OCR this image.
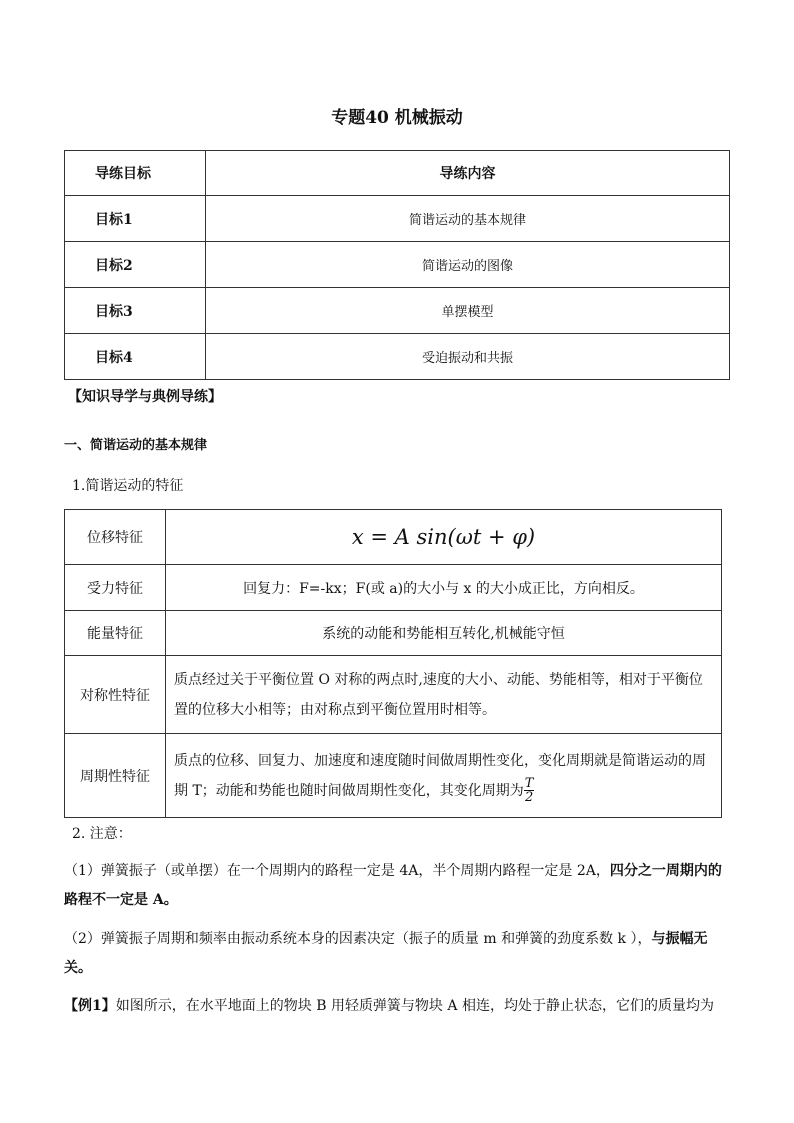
专题40 机械振动
导练目标	导练内容
目标1	简谐运动的基本规律
目标2	简谐运动的图像
目标3	单摆模型
目标4	受迫振动和共振
【知识导学与典例导练】
一、简谐运动的基本规律
1.简谐运动的特征
位移特征	x = A sin(ωt + φ)
受力特征	回复力：F=-kx；F(或 a)的大小与 x 的大小成正比，方向相反。
能量特征	系统的动能和势能相互转化,机械能守恒
对称性特征	质点经过关于平衡位置 O 对称的两点时,速度的大小、动能、势能相等，相对于平衡位置的位移大小相等；由对称点到平衡位置用时相等。
周期性特征	质点的位移、回复力、加速度和速度随时间做周期性变化，变化周期就是简谐运动的周期 T；动能和势能也随时间做周期性变化，其变化周期为 $\frac{T}{2}$
2. 注意：
（1）弹簧振子（或单摆）在一个周期内的路程一定是 4A，半个周期内路程一定是 2A，四分之一周期内的路程不一定是 A。
（2）弹簧振子周期和频率由振动系统本身的因素决定（振子的质量 m 和弹簧的劲度系数 k ），与振幅无关。
【例1】如图所示，在水平地面上的物块 B 用轻质弹簧与物块 A 相连，均处于静止状态，它们的质量均为
